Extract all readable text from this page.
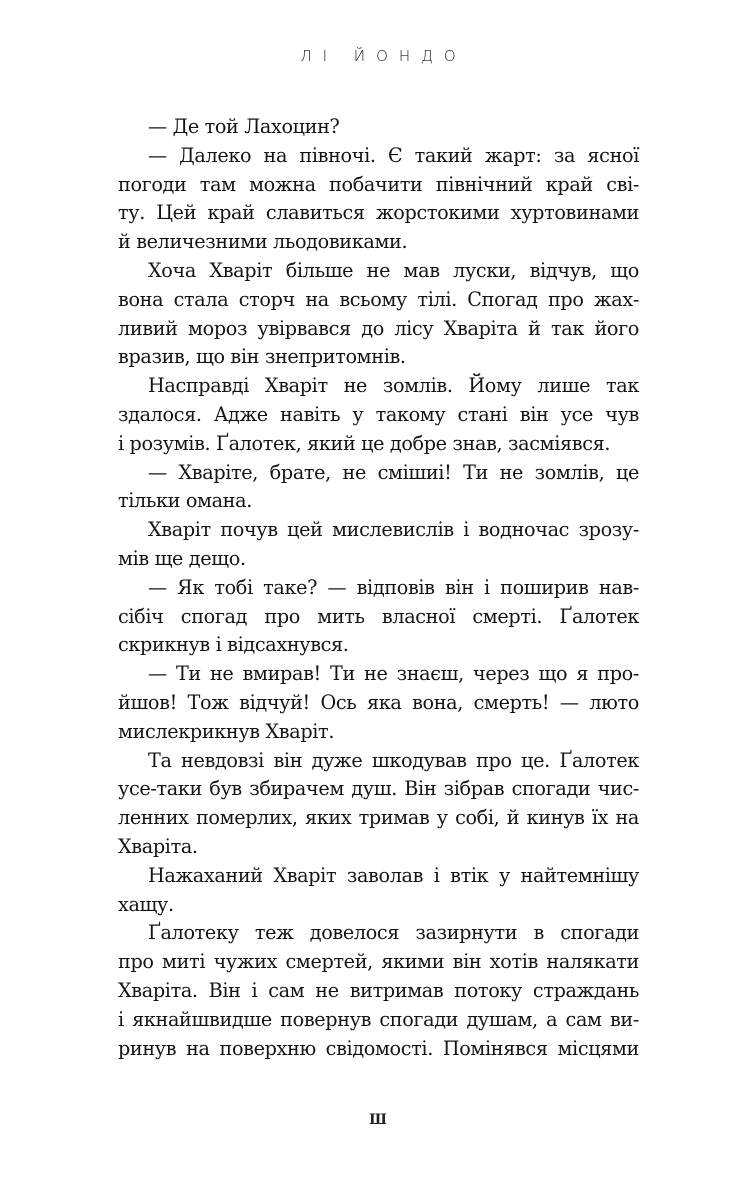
ЛІ ЙОНДО
— Де той Лахоцин?
— Далеко на півночі. Є такий жарт: за ясної
погоди там можна побачити північний край сві-
ту. Цей край славиться жорстокими хуртовинами
й величезними льодовиками.
Хоча Хваріт більше не мав луски, відчув, що
вона стала сторч на всьому тілі. Спогад про жах-
ливий мороз увірвався до лісу Хваріта й так його
вразив, що він знепритомнів.
Насправді Хваріт не зомлів. Йому лише так
здалося. Адже навіть у такому стані він усе чув
і розумів. Ґалотек, який це добре знав, засміявся.
— Хваріте, брате, не смішиi! Ти не зомлів, це
тільки омана.
Хваріт почув цей мислевислів і водночас зрозу-
мів ще дещо.
— Як тобі таке? — відповів він і поширив нав-
сібіч спогад про мить власної смерті. Ґалотек
скрикнув і відсахнувся.
— Ти не вмирав! Ти не знаєш, через що я про-
йшов! Тож відчуй! Ось яка вона, смерть! — люто
мислекрикнув Хваріт.
Та невдовзі він дуже шкодував про це. Ґалотек
усе-таки був збирачем душ. Він зібрав спогади чис-
ленних померлих, яких тримав у собі, й кинув їх на
Хваріта.
Нажаханий Хваріт заволав і втік у найтемнішу
хащу.
Ґалотеку теж довелося зазирнути в спогади
про миті чужих смертей, якими він хотів налякати
Хваріта. Він і сам не витримав потоку страждань
і якнайшвидше повернув спогади душам, а сам ви-
ринув на поверхню свідомості. Помінявся місцями
Ш
